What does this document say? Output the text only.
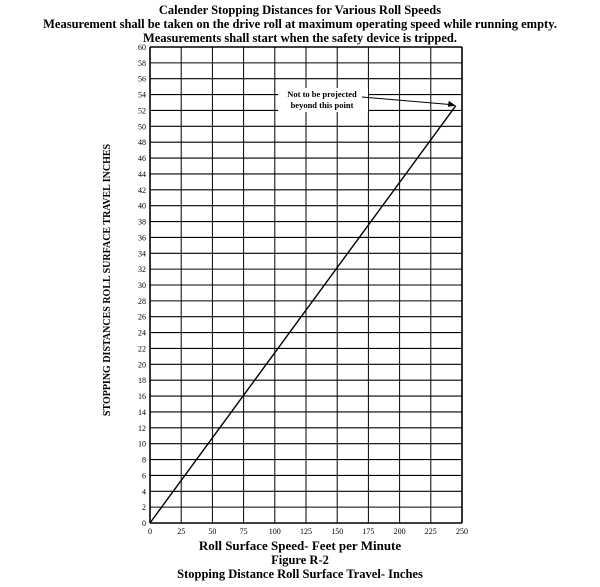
Calender Stopping Distances for Various Roll Speeds
Measurement shall be taken on the drive roll at maximum operating speed while running empty.
Measurements shall start when the safety device is tripped.
0
2
4
6
8
10
12
14
16
18
20
22
24
26
28
30
32
34
36
38
40
42
44
46
48
50
52
54
56
58
60
0	25	50	75	100 125 150 175 200 225 250
Not to be projected
beyond this point
STOPPING DISTANCES ROLL SURFACE TRAVEL INCHES
Roll Surface Speed- Feet per Minute
Figure R-2
Stopping Distance Roll Surface Travel- Inches
